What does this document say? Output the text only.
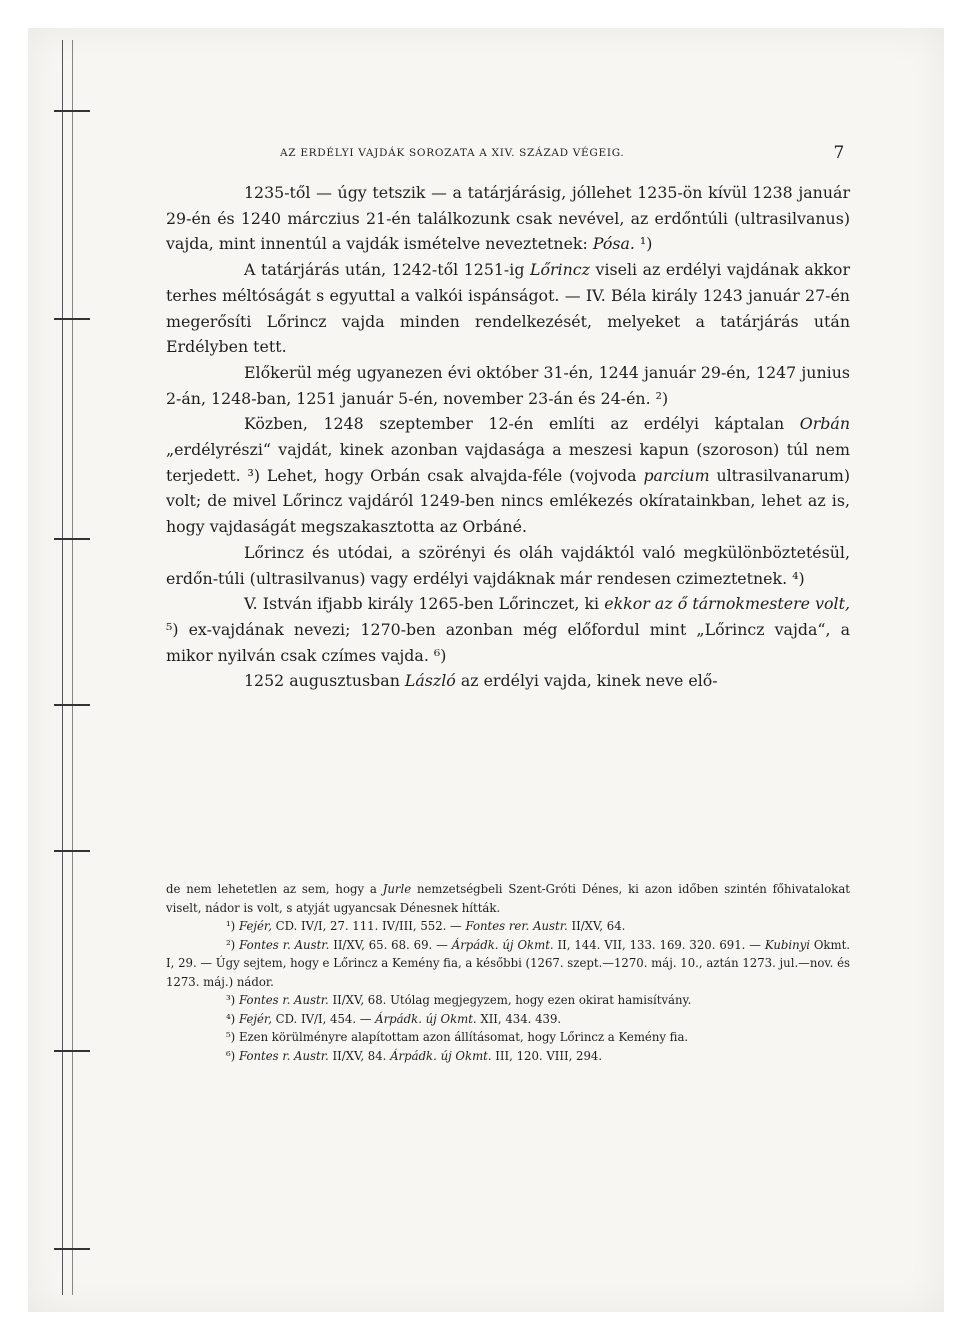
AZ ERDÉLYI VAJDÁK SOROZATA A XIV. SZÁZAD VÉGEIG.	7

1235-től — úgy tetszik — a tatárjárásig, jóllehet 1235-ön kívül 1238 január 29-én és 1240 márczius 21-én találkozunk csak nevével, az erdőntúli (ultrasilvanus) vajda, mint innentúl a vajdák ismételve neveztetnek: Pósa. ¹)

A tatárjárás után, 1242-től 1251-ig Lőrincz viseli az erdélyi vajdának akkor terhes méltóságát s egyuttal a valkói ispánságot. — IV. Béla király 1243 január 27-én megerősíti Lőrincz vajda minden rendelkezését, melyeket a tatárjárás után Erdélyben tett.

Előkerül még ugyanezen évi október 31-én, 1244 január 29-én, 1247 junius 2-án, 1248-ban, 1251 január 5-én, november 23-án és 24-én. ²)

Közben, 1248 szeptember 12-én említi az erdélyi káptalan Orbán „erdélyrészi“ vajdát, kinek azonban vajdasága a meszesi kapun (szoroson) túl nem terjedett. ³) Lehet, hogy Orbán csak alvajda-féle (vojvoda parcium ultrasilvanarum) volt; de mivel Lőrincz vajdáról 1249-ben nincs emlékezés okíratainkban, lehet az is, hogy vajdaságát megszakasztotta az Orbáné.

Lőrincz és utódai, a szörényi és oláh vajdáktól való megkülönböztetésül, erdőn-túli (ultrasilvanus) vagy erdélyi vajdáknak már rendesen czimeztetnek. ⁴)

V. István ifjabb király 1265-ben Lőrinczet, ki ekkor az ő tárnokmestere volt, ⁵) ex-vajdának nevezi; 1270-ben azonban még előfordul mint „Lőrincz vajda“, a mikor nyilván csak czímes vajda. ⁶)

1252 augusztusban László az erdélyi vajda, kinek neve elő-

de nem lehetetlen az sem, hogy a Jurle nemzetségbeli Szent-Gróti Dénes, ki azon időben szintén főhivatalokat viselt, nádor is volt, s atyját ugyancsak Dénesnek hítták.

¹) Fejér, CD. IV/I, 27. 111. IV/III, 552. — Fontes rer. Austr. II/XV, 64.

²) Fontes r. Austr. II/XV, 65. 68. 69. — Árpádk. új Okmt. II, 144. VII, 133. 169. 320. 691. — Kubinyi Okmt. I, 29. — Úgy sejtem, hogy e Lőrincz a Kemény fia, a későbbi (1267. szept.—1270. máj. 10., aztán 1273. jul.—nov. és 1273. máj.) nádor.

³) Fontes r. Austr. II/XV, 68. Utólag megjegyzem, hogy ezen okirat hamisítvány.

⁴) Fejér, CD. IV/I, 454. — Árpádk. új Okmt. XII, 434. 439.

⁵) Ezen körülményre alapítottam azon állításomat, hogy Lőrincz a Kemény fia.

⁶) Fontes r. Austr. II/XV, 84. Árpádk. új Okmt. III, 120. VIII, 294.
